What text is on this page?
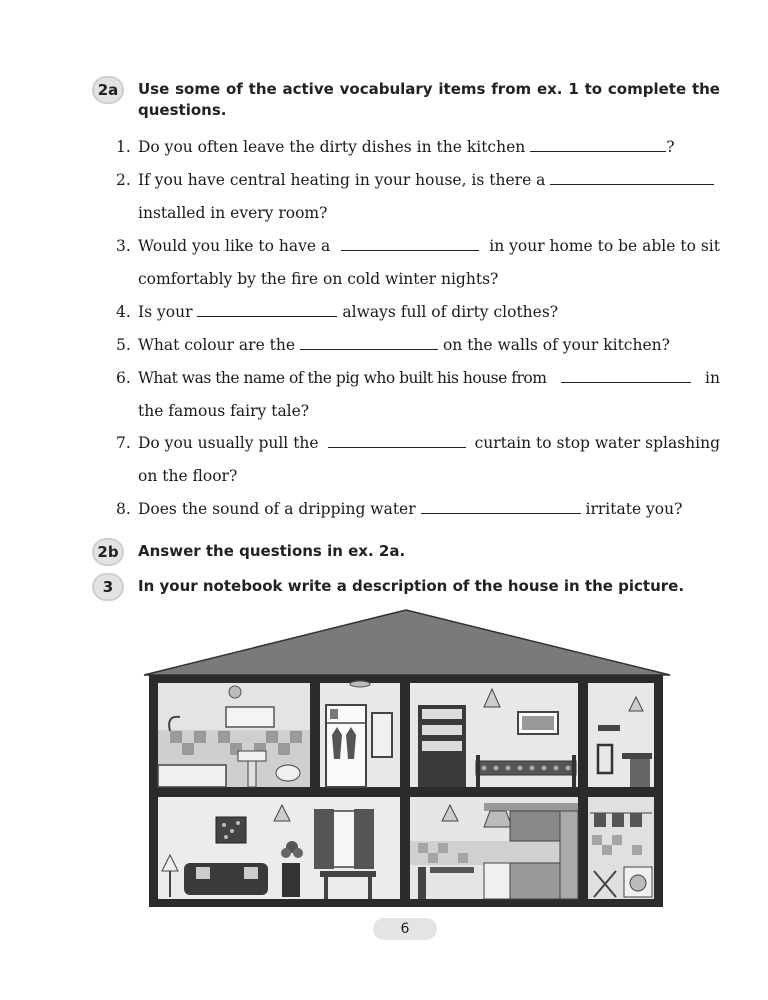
2a	Use some of the active vocabulary items from ex. 1 to complete the
questions.
1. Do you often leave the dirty dishes in the kitchen	?
2. If you have central heating in your house, is there a
installed in every room?
3. Would you like to have a	in your home to be able to sit
comfortably by the fire on cold winter nights?
4. Is your	always full of dirty clothes?
5. What colour are the	on the walls of your kitchen?
6. What was the name of the pig who built his house from	in
the famous fairy tale?
7. Do you usually pull the	curtain to stop water splashing
on the floor?
8. Does the sound of a dripping water	irritate you?
2b	Answer the questions in ex. 2a.
3	In your notebook write a description of the house in the picture.
6
